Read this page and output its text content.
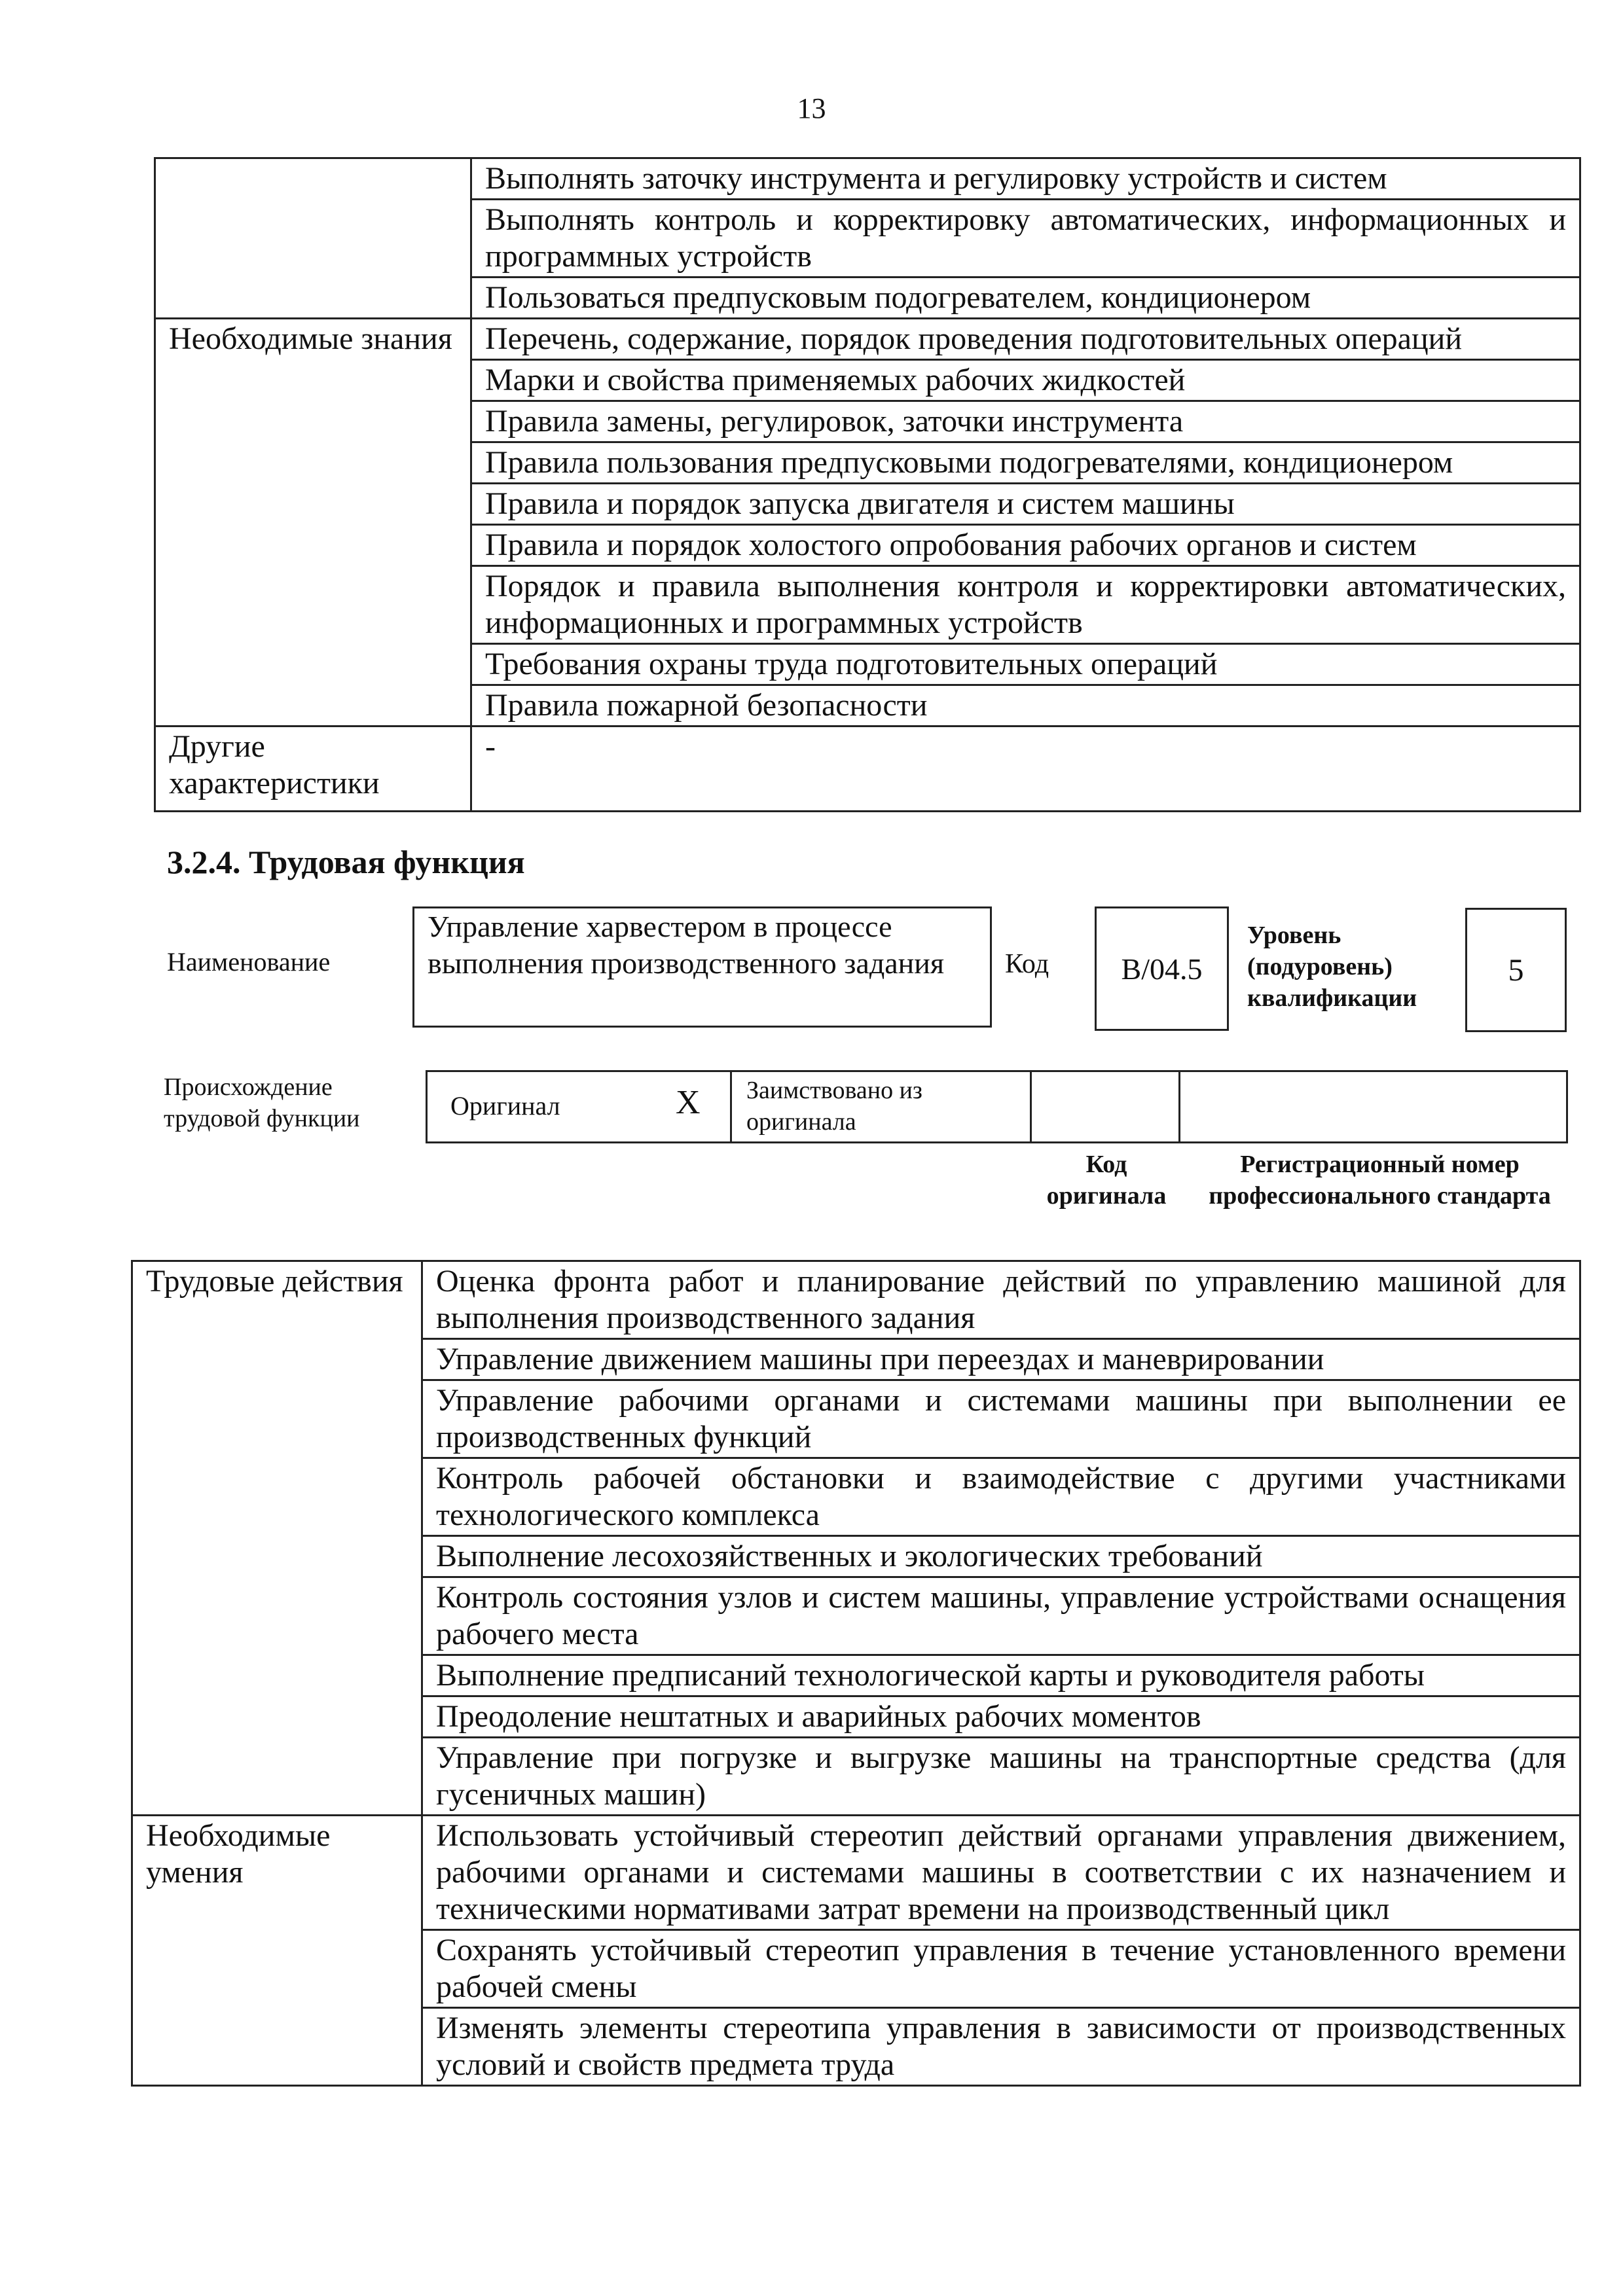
13
	Выполнять заточку инструмента и регулировку устройств и систем
	Выполнять контроль и корректировку автоматических, информационных и программных устройств
	Пользоваться предпусковым подогревателем, кондиционером
Необходимые знания	Перечень, содержание, порядок проведения подготовительных операций
	Марки и свойства применяемых рабочих жидкостей
	Правила замены, регулировок, заточки инструмента
	Правила пользования предпусковыми подогревателями, кондиционером
	Правила и порядок запуска двигателя и систем машины
	Правила и порядок холостого опробования рабочих органов и систем
	Порядок и правила выполнения контроля и корректировки автоматических, информационных и программных устройств
	Требования охраны труда подготовительных операций
	Правила пожарной безопасности
Другие характеристики	-
3.2.4. Трудовая функция
Наименование
Управление харвестером в процессе выполнения производственного задания	Код B/04.5
Уровень (подуровень) квалификации
5
Происхождение трудовой функции	Оригинал	X Заимствовано из оригинала
Код оригинала
Регистрационный номер профессионального стандарта
Трудовые действия	Оценка фронта работ и планирование действий по управлению машиной для выполнения производственного задания
	Управление движением машины при переездах и маневрировании
	Управление рабочими органами и системами машины при выполнении ее производственных функций
	Контроль рабочей обстановки и взаимодействие с другими участниками технологического комплекса
	Выполнение лесохозяйственных и экологических требований
	Контроль состояния узлов и систем машины, управление устройствами оснащения рабочего места
	Выполнение предписаний технологической карты и руководителя работы
	Преодоление нештатных и аварийных рабочих моментов
	Управление при погрузке и выгрузке машины на транспортные средства (для гусеничных машин)
Необходимые умения	Использовать устойчивый стереотип действий органами управления движением, рабочими органами и системами машины в соответствии с их назначением и техническими нормативами затрат времени на производственный цикл
	Сохранять устойчивый стереотип управления в течение установленного времени рабочей смены
	Изменять элементы стереотипа управления в зависимости от производственных условий и свойств предмета труда
